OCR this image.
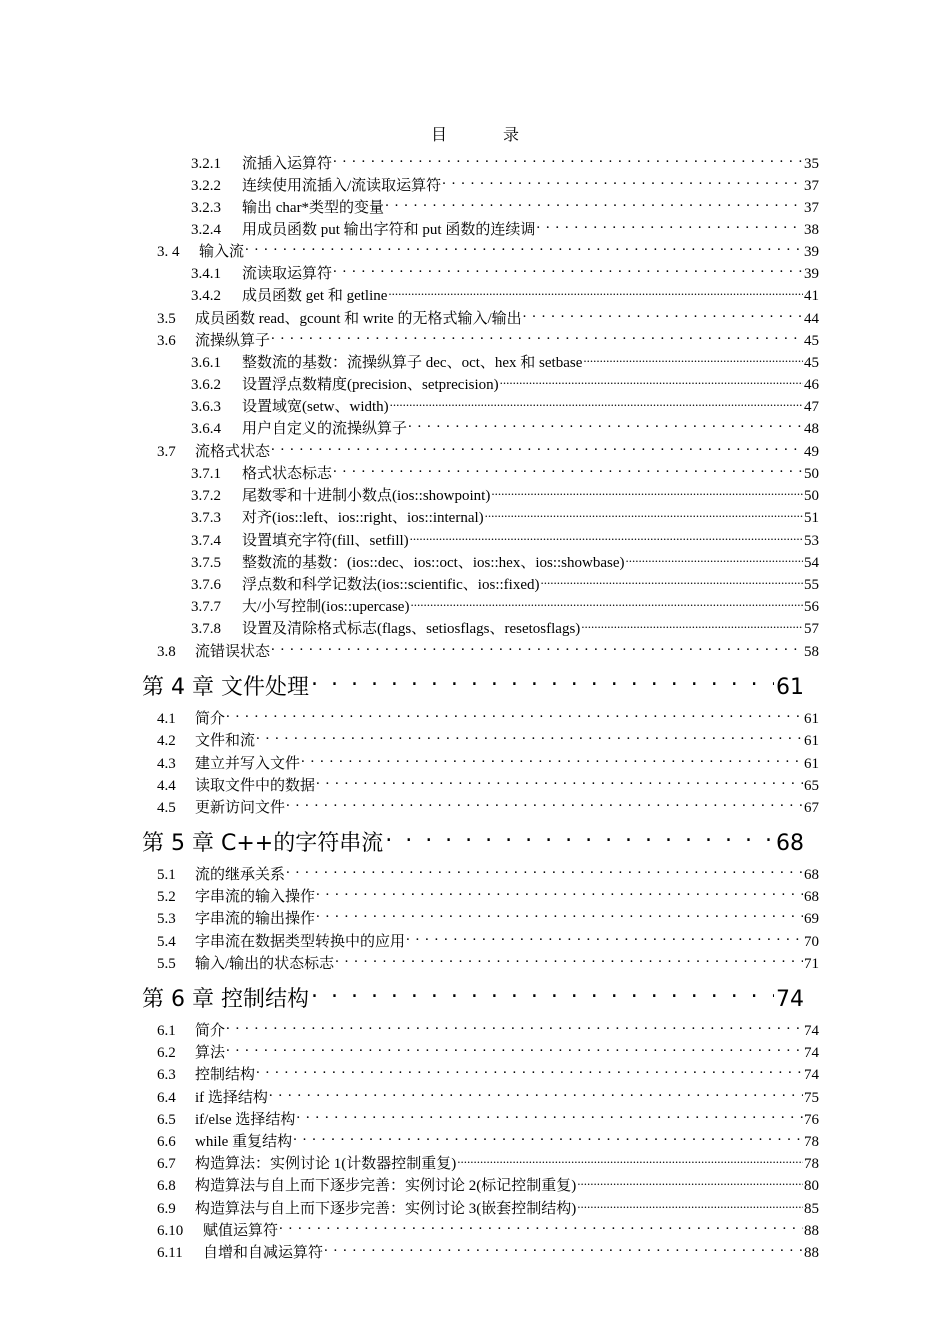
目	录
3.2.1	流插入运算符 . . .	35
3.2.2	连续使用流插入/流读取运算符 . . .	37
3.2.3	输出 char*类型的变量 . . .	37
3.2.4	用成员函数 put 输出字符和 put 函数的连续调 . . .	38
3. 4	输入流 . . .	39
3.4.1	流读取运算符 . . .	39
3.4.2	成员函数 get 和 getline .....	41
3.5	成员函数 read、gcount 和 write 的无格式输入/输出 . . .	44
3.6	流操纵算子 . . .	45
3.6.1	整数流的基数：流操纵算子 dec、oct、hex 和 setbase .....	45
3.6.2	设置浮点数精度(precision、setprecision) .....	46
3.6.3	设置域宽(setw、width) .....	47
3.6.4	用户自定义的流操纵算子 . . .	48
3.7	流格式状态 . . .	49
3.7.1	格式状态标志 . . .	50
3.7.2	尾数零和十进制小数点(ios::showpoint) .....	50
3.7.3	对齐(ios::left、ios::right、ios::internal) .....	51
3.7.4	设置填充字符(fill、setfill) .....	53
3.7.5	整数流的基数：(ios::dec、ios::oct、ios::hex、ios::showbase) .....	54
3.7.6	浮点数和科学记数法(ios::scientific、ios::fixed) .....	55
3.7.7	大/小写控制(ios::upercase) .....	56
3.7.8	设置及清除格式标志(flags、setiosflags、resetosflags) .....	57
3.8	流错误状态 . . .	58
第 4 章 文件处理 . . .	61
4.1	简介 . . .	61
4.2	文件和流 . . .	61
4.3	建立并写入文件 . . .	61
4.4	读取文件中的数据 . . .	65
4.5	更新访问文件 . . .	67
第 5 章 C++的字符串流 . . .	68
5.1	流的继承关系 . . .	68
5.2	字串流的输入操作 . . .	68
5.3	字串流的输出操作 . . .	69
5.4	字串流在数据类型转换中的应用 . . .	70
5.5	输入/输出的状态标志 . . .	71
第 6 章 控制结构 . . .	74
6.1	简介 . . .	74
6.2	算法 . . .	74
6.3	控制结构 . . .	74
6.4	if 选择结构 . . .	75
6.5	if/else 选择结构 . . .	76
6.6	while 重复结构 . . .	78
6.7	构造算法：实例讨论 1(计数器控制重复) .....	78
6.8	构造算法与自上而下逐步完善：实例讨论 2(标记控制重复) .....	80
6.9	构造算法与自上而下逐步完善：实例讨论 3(嵌套控制结构) .....	85
6.10	赋值运算符 . . .	88
6.11	自增和自减运算符 . . .	88
